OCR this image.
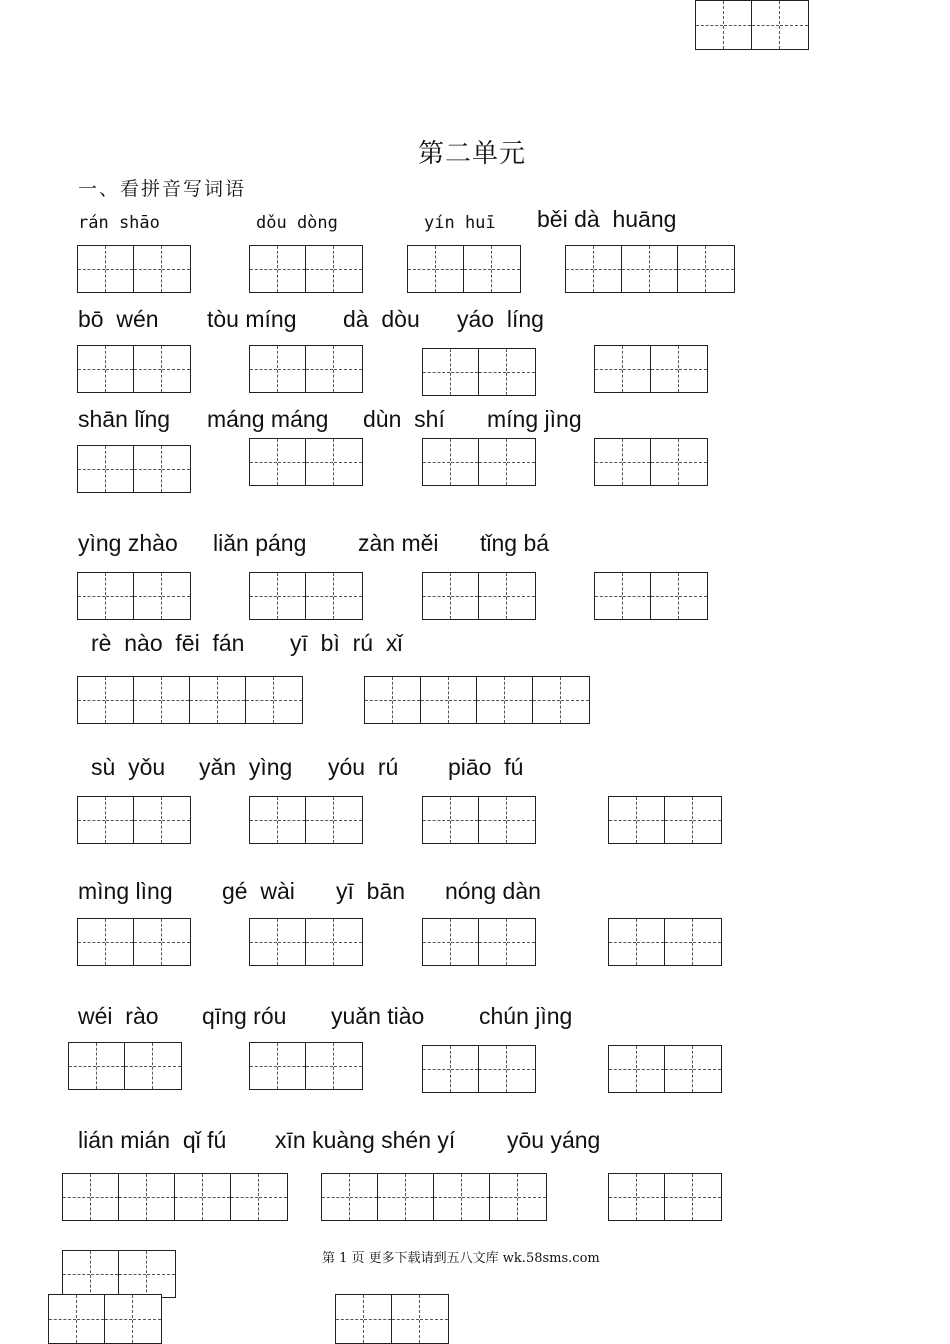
第二单元
一、看拼音写词语
rán shāo	dǒu dòng	yín huī běi dà  huāng
bō  wén tòu míng dà  dòu yáo  líng
shān lǐng máng máng dùn  shí míng jìng
yìng zhào liǎn páng zàn měi tǐng bá
rè  nào  fēi  fán yī  bì  rú  xǐ
sù  yǒu yǎn  yìng yóu  rú piāo  fú
mìng lìng gé  wài yī  bān nóng dàn
wéi  rào qīng róu yuǎn tiào chún jìng
lián mián  qǐ fú xīn kuàng shén yí yōu yáng
第 1 页 更多下载请到五八文库 wk.58sms.com
